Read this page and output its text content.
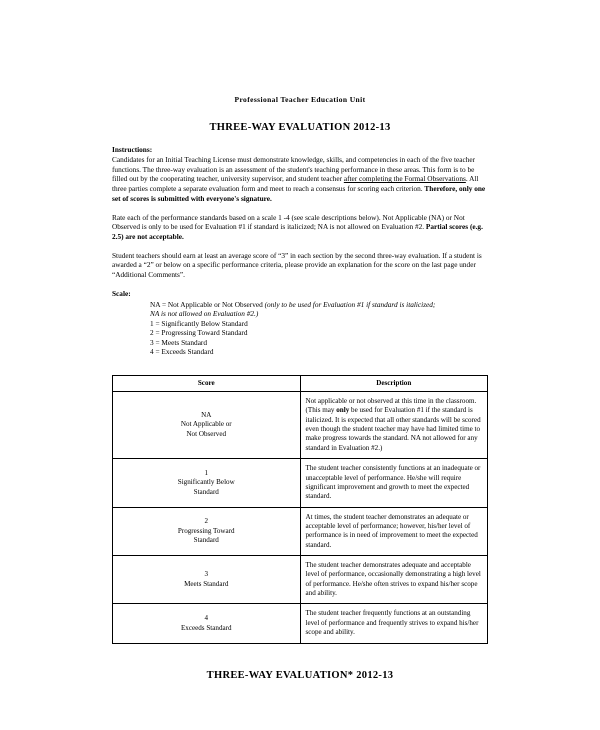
Professional Teacher Education Unit
THREE-WAY EVALUATION 2012-13
Instructions:

Candidates for an Initial Teaching License must demonstrate knowledge, skills, and competencies in each of the five teacher functions. The three-way evaluation is an assessment of the student's teaching performance in these areas. This form is to be filled out by the cooperating teacher, university supervisor, and student teacher after completing the Formal Observations. All three parties complete a separate evaluation form and meet to reach a consensus for scoring each criterion. Therefore, only one set of scores is submitted with everyone's signature.

Rate each of the performance standards based on a scale 1 -4 (see scale descriptions below). Not Applicable (NA) or Not Observed is only to be used for Evaluation #1 if standard is italicized; NA is not allowed on Evaluation #2. Partial scores (e.g. 2.5) are not acceptable.

Student teachers should earn at least an average score of “3” in each section by the second three-way evaluation. If a student is awarded a “2” or below on a specific performance criteria, please provide an explanation for the score on the last page under “Additional Comments”.

Scale:
NA = Not Applicable or Not Observed (only to be used for Evaluation #1 if standard is italicized;
NA is not allowed on Evaluation #2.)
1 = Significantly Below Standard
2 = Progressing Toward Standard
3 = Meets Standard
4 = Exceeds Standard
Score	Description

NA
Not Applicable or
Not Observed
	Not applicable or not observed at this time in the classroom.
(This may only be used for Evaluation #1 if the standard is italicized. It is expected that all other standards will be scored even though the student teacher may have had limited time to make progress towards the standard. NA not allowed for any standard in Evaluation #2.)

1
Significantly Below
Standard	The student teacher consistently functions at an inadequate or unacceptable level of performance. He/she will require significant improvement and growth to meet the expected standard.

2
Progressing Toward
Standard	At times, the student teacher demonstrates an adequate or acceptable level of performance; however, his/her level of performance is in need of improvement to meet the expected standard.

3
Meets Standard	The student teacher demonstrates adequate and acceptable level of performance, occasionally demonstrating a high level of performance. He/she often strives to expand his/her scope and ability.

4
Exceeds Standard	The student teacher frequently functions at an outstanding level of performance and frequently strives to expand his/her scope and ability.
THREE-WAY EVALUATION* 2012-13
